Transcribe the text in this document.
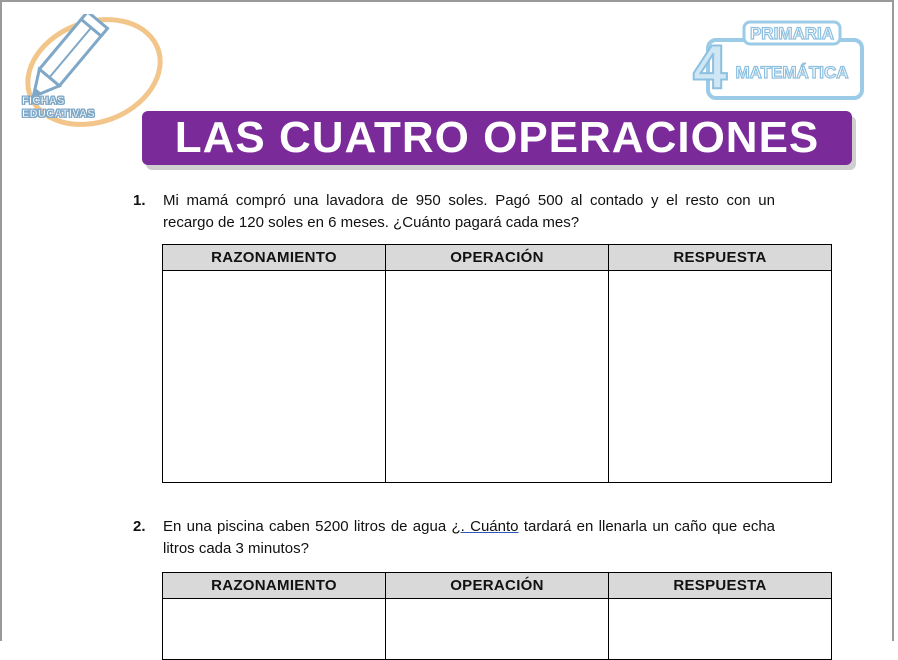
FICHAS
EDUCATIVAS
PRIMARIA
4 MATEMÁTICA
LAS CUATRO OPERACIONES
1. Mi mamá compró una lavadora de 950 soles. Pagó 500 al contado y el resto con un
recargo de 120 soles en 6 meses. ¿Cuánto pagará cada mes?
RAZONAMIENTO	OPERACIÓN	RESPUESTA

2. En una piscina caben 5200 litros de agua ¿. Cuánto tardará en llenarla un caño que echa
litros cada 3 minutos?
RAZONAMIENTO	OPERACIÓN	RESPUESTA
